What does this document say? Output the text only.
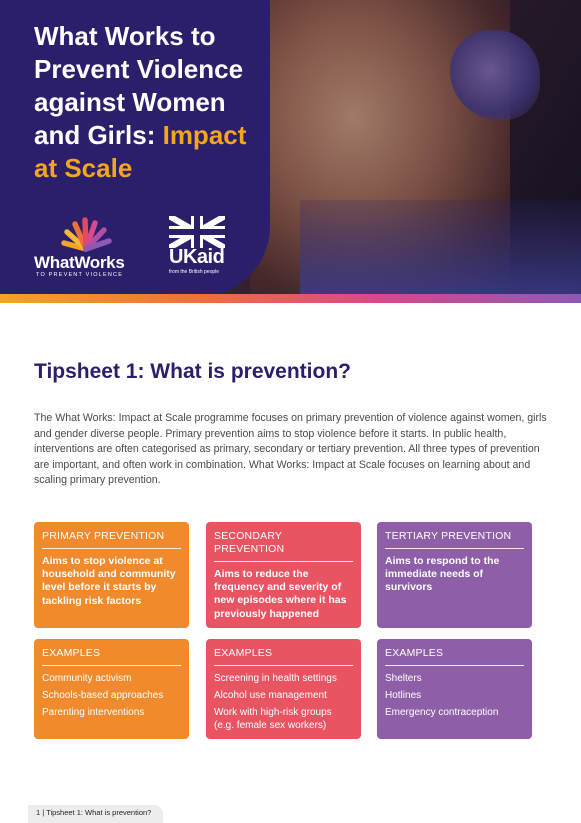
What Works to Prevent Violence against Women and Girls: Impact at Scale
WhatWorks
TO PREVENT VIOLENCE
UKaid
from the British people
Tipsheet 1: What is prevention?

The What Works: Impact at Scale programme focuses on primary prevention of violence against women, girls and gender diverse people. Primary prevention aims to stop violence before it starts. In public health, interventions are often categorised as primary, secondary or tertiary prevention. All three types of prevention are important, and often work in combination. What Works: Impact at Scale focuses on learning about and scaling primary prevention.

PRIMARY PREVENTION
Aims to stop violence at household and community level before it starts by tackling risk factors
SECONDARY PREVENTION
Aims to reduce the frequency and severity of new episodes where it has previously happened
TERTIARY PREVENTION
Aims to respond to the immediate needs of survivors
EXAMPLES
Community activism
Schools-based approaches
Parenting interventions
EXAMPLES
Screening in health settings
Alcohol use management
Work with high-risk groups (e.g. female sex workers)
EXAMPLES
Shelters
Hotlines
Emergency contraception
1 | Tipsheet 1: What is prevention?
